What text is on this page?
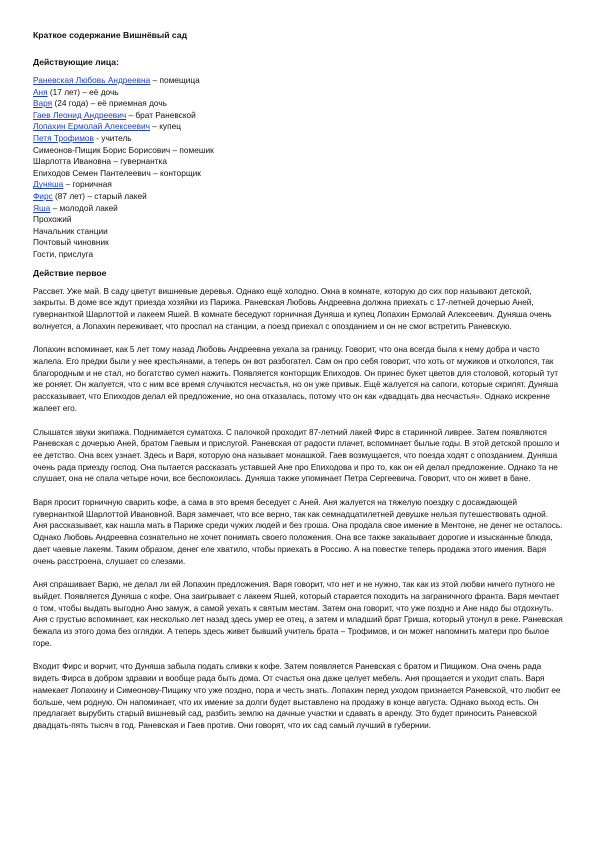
Краткое содержание Вишнёвый сад
Действующие лица:
Раневская Любовь Андреевна – помещица
Аня (17 лет) – её дочь
Варя (24 года) – её приемная дочь
Гаев Леонид Андреевич – брат Раневской
Лопахин Ермолай Алексеевич – купец
Петя Трофимов - учитель
Симеонов-Пищик Борис Борисович – помешик
Шарлотта Ивановна – гувернантка
Епиходов Семен Пантелеевич – конторщик
Дуняша – горничная
Фирс (87 лет) – старый лакей
Яша – молодой лакей
Прохожий
Начальник станции
Почтовый чиновник
Гости, прислуга
Действие первое

Рассвет. Уже май. В саду цветут вишневые деревья. Однако ещё холодно. Окна в комнате, которую до сих пор называют детской, закрыты. В доме все ждут приезда хозяйки из Парижа. Раневская Любовь Андреевна должна приехать с 17-летней дочерью Аней, гувернанткой Шарлоттой и лакеем Яшей. В комнате беседуют горничная Дуняша и купец Лопахин Ермолай Алексеевич. Дуняша очень волнуется, а Лопахин переживает, что проспал на станции, а поезд приехал с опозданием и он не смог встретить Раневскую.

Лопахин вспоминает, как 5 лет тому назад Любовь Андреевна уехала за границу. Говорит, что она всегда была к нему добра и часто жалела. Его предки были у нее крестьянами, а теперь он вот разбогател. Сам он про себя говорит, что хоть от мужиков и отколопся, так благородным и не стал, но богатство сумел нажить. Появляется конторщик Епиходов. Он принес букет цветов для столовой, который тут же роняет. Он жалуется, что с ним все время случаются несчастья, но он уже привык. Ещё жалуется на сапоги, которые скрипят. Дуняша рассказывает, что Епиходов делал ей предложение, но она отказалась, потому что он как «двадцать два несчастья». Однако искренне жалеет его.

Слышатся звуки экипажа. Поднимается суматоха. С палочкой проходит 87-летний лакей Фирс в старинной ливрее. Затем появляются Раневская с дочерью Аней, братом Гаевым и прислугой. Раневская от радости плачет, вспоминает былые годы. В этой детской прошло и ее детство. Она всех узнает. Здесь и Варя, которую она называет монашкой. Гаев возмущается, что поезда ходят с опозданием. Дуняша очень рада приезду господ. Она пытается рассказать уставшей Ане про Епиходова и про то, как он ей делал предложение. Однако та не слушает, она не спала четыре ночи, все беспокоилась. Дуняша также упоминает Петра Сергеевича. Говорит, что он живет в бане.

Варя просит горничную сварить кофе, а сама в это время беседует с Аней. Аня жалуется на тяжелую поездку с досаждающей гувернанткой Шарлоттой Ивановной. Варя замечает, что все верно, так как семнадцатилетней девушке нельзя путешествовать одной. Аня рассказывает, как нашла мать в Париже среди чужих людей и без гроша. Она продала свое имение в Ментоне, не денег не осталось. Однако Любовь Андреевна сознательно не хочет понимать своего положения. Она все также заказывает дорогие и изысканные блюда, дает чаевые лакеям. Таким образом, денег еле хватило, чтобы приехать в Россию. А на повестке теперь продажа этого имения. Варя очень расстроена, слушает со слезами.

Аня спрашивает Варю, не делал ли ей Лопахин предложения. Варя говорит, что нет и не нужно, так как из этой любви ничего путного не выйдет. Появляется Дуняша с кофе. Она заигрывает с лакеем Яшей, который старается походить на заграничного франта. Варя мечтает о том, чтобы выдать выгодно Аню замуж, а самой уехать к святым местам. Затем она говорит, что уже поздно и Ане надо бы отдохнуть. Аня с грустью вспоминает, как несколько лет назад здесь умер ее отец, а затем и младший брат Гриша, который утонул в реке. Раневская бежала из этого дома без оглядки. А теперь здесь живет бывший учитель брата – Трофимов, и он может напомнить матери про былое горе.

Входит Фирс и ворчит, что Дуняша забыла подать сливки к кофе. Затем появляется Раневская с братом и Пищиком. Она очень рада видеть Фирса в добром здравии и вообще рада быть дома. От счастья она даже целует мебель. Аня прощается и уходит спать. Варя намекает Лопахину и Симеонову-Пищику что уже поздно, пора и честь знать. Лопахин перед уходом признается Раневской, что любит ее больше, чем родную. Он напоминает, что их имение за долги будет выставлено на продажу в конце августа. Однако выход есть. Он предлагает вырубить старый вишневый сад, разбить землю на дачные участки и сдавать в аренду. Это будет приносить Раневской двадцать-пять тысяч в год. Раневская и Гаев против. Они говорят, что их сад самый лучший в губернии.
